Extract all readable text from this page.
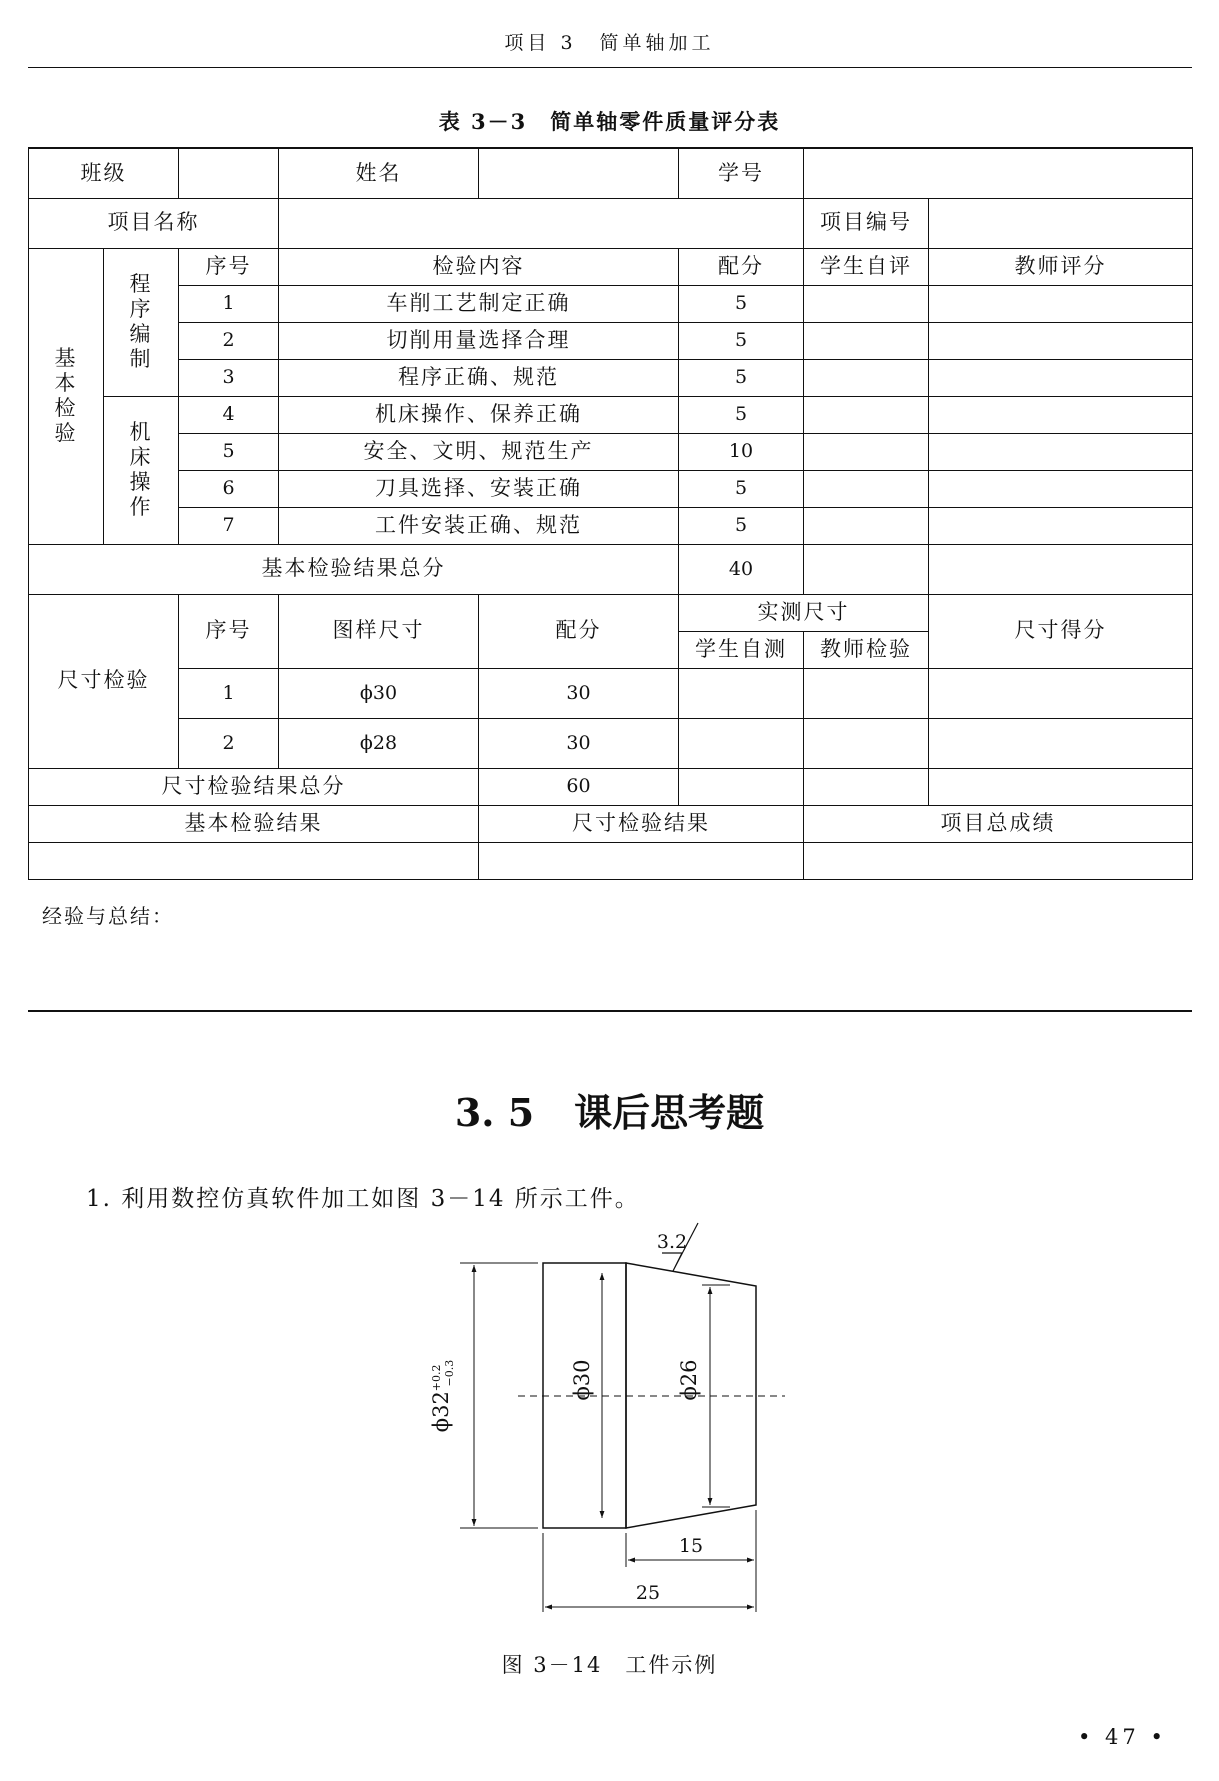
项目 3　简单轴加工
表 3－3　简单轴零件质量评分表
班级			姓名		学号		
项目名称						项目编号	
基本检验	程序编制	序号	检验内容		配分	学生自评	教师评分
		1	车削工艺制定正确		5		
		2	切削用量选择合理		5		
		3	程序正确、规范		5		
	机床操作	4	机床操作、保养正确		5		
		5	安全、文明、规范生产		10		
		6	刀具选择、安装正确		5		
		7	工件安装正确、规范		5		
基本检验结果总分					40		
尺寸检验		序号	图样尺寸	配分	实测尺寸		尺寸得分
					学生自测	教师检验	
		1	ϕ30	30			
		2	ϕ28	30			
尺寸检验结果总分				60			
基本检验结果				尺寸检验结果		项目总成绩	

经验与总结：
3. 5 课后思考题
1. 利用数控仿真软件加工如图 3－14 所示工件。
3.2
$\phi 32^{+0.2}-0.3$	ϕ30	ϕ26
15
25
图 3－14　工件示例
• 47 •
